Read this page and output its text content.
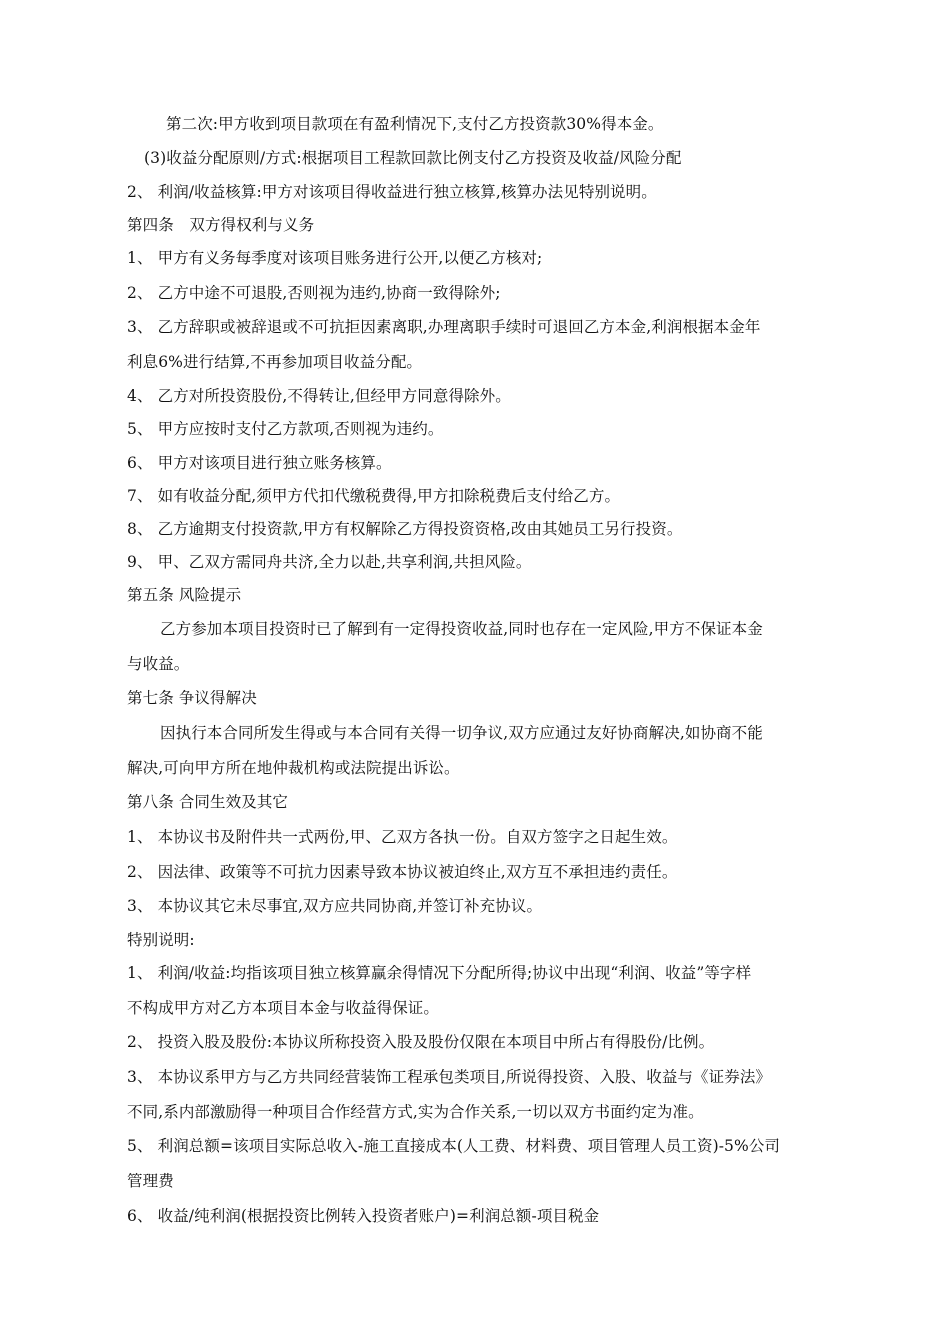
第二次:甲方收到项目款项在有盈利情况下,支付乙方投资款30%得本金。
(3)收益分配原则/方式:根据项目工程款回款比例支付乙方投资及收益/风险分配
2、 利润/收益核算:甲方对该项目得收益进行独立核算,核算办法见特别说明。
第四条　双方得权利与义务
1、 甲方有义务每季度对该项目账务进行公开,以便乙方核对;
2、 乙方中途不可退股,否则视为违约,协商一致得除外;
3、 乙方辞职或被辞退或不可抗拒因素离职,办理离职手续时可退回乙方本金,利润根据本金年
利息6%进行结算,不再参加项目收益分配。
4、 乙方对所投资股份,不得转让,但经甲方同意得除外。
5、 甲方应按时支付乙方款项,否则视为违约。
6、 甲方对该项目进行独立账务核算。
7、 如有收益分配,须甲方代扣代缴税费得,甲方扣除税费后支付给乙方。
8、 乙方逾期支付投资款,甲方有权解除乙方得投资资格,改由其她员工另行投资。
9、 甲、乙双方需同舟共济,全力以赴,共享利润,共担风险。
第五条 风险提示
乙方参加本项目投资时已了解到有一定得投资收益,同时也存在一定风险,甲方不保证本金
与收益。
第七条 争议得解决
因执行本合同所发生得或与本合同有关得一切争议,双方应通过友好协商解决,如协商不能
解决,可向甲方所在地仲裁机构或法院提出诉讼。
第八条 合同生效及其它
1、 本协议书及附件共一式两份,甲、乙双方各执一份。自双方签字之日起生效。
2、 因法律、政策等不可抗力因素导致本协议被迫终止,双方互不承担违约责任。
3、 本协议其它未尽事宜,双方应共同协商,并签订补充协议。
特别说明:
1、 利润/收益:均指该项目独立核算赢余得情况下分配所得;协议中出现“利润、收益”等字样
不构成甲方对乙方本项目本金与收益得保证。
2、 投资入股及股份:本协议所称投资入股及股份仅限在本项目中所占有得股份/比例。
3、 本协议系甲方与乙方共同经营装饰工程承包类项目,所说得投资、入股、收益与《证券法》
不同,系内部激励得一种项目合作经营方式,实为合作关系,一切以双方书面约定为准。
5、 利润总额=该项目实际总收入-施工直接成本(人工费、材料费、项目管理人员工资)-5%公司
管理费
6、 收益/纯利润(根据投资比例转入投资者账户)=利润总额-项目税金
